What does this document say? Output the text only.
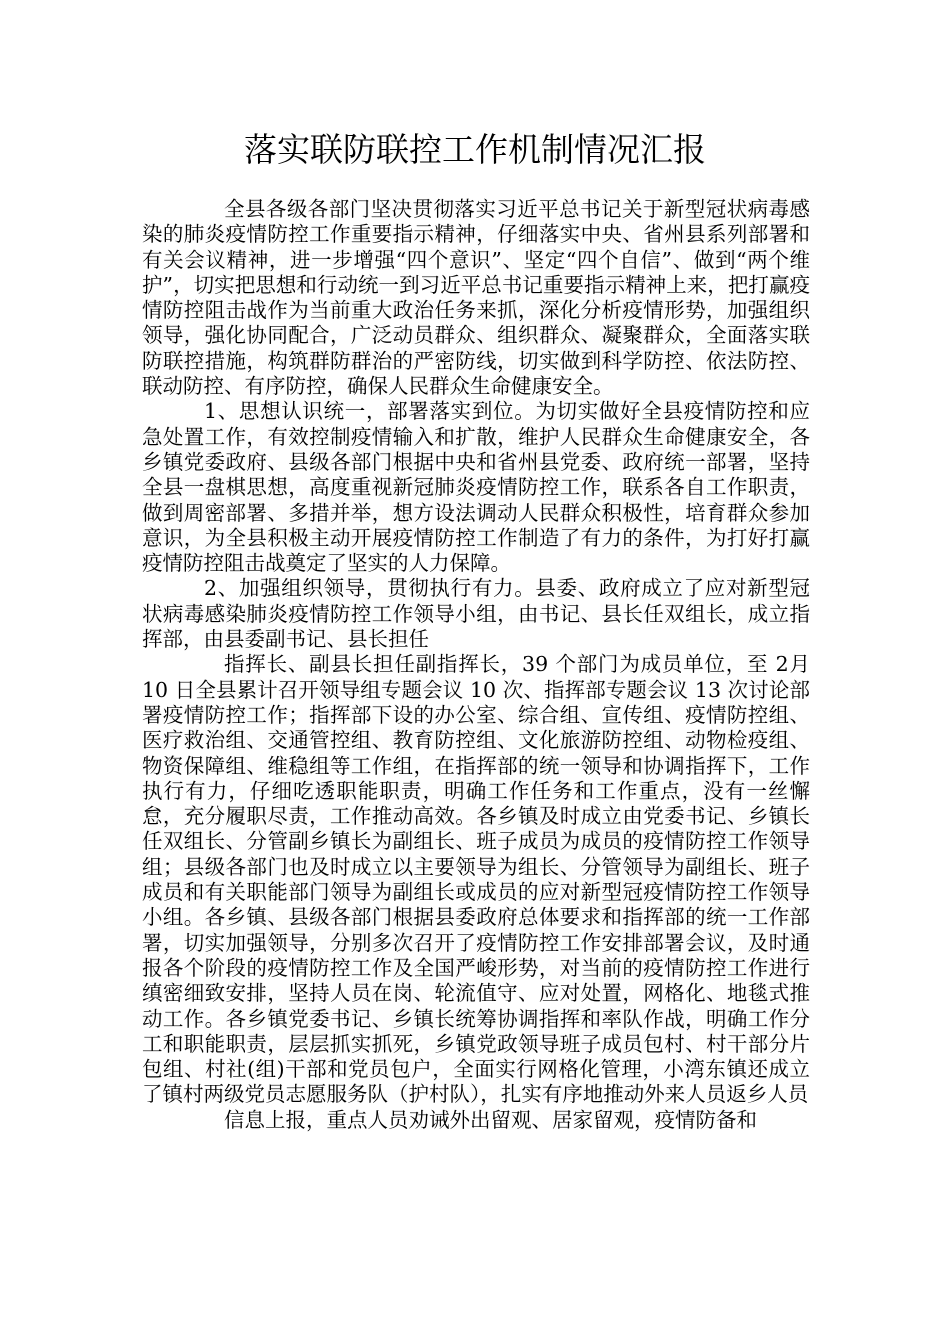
落实联防联控工作机制情况汇报

全县各级各部门坚决贯彻落实习近平总书记关于新型冠状病毒感染的肺炎疫情防控工作重要指示精神，仔细落实中央、省州县系列部署和有关会议精神，进一步增强“四个意识”、坚定“四个自信”、做到“两个维护”，切实把思想和行动统一到习近平总书记重要指示精神上来，把打赢疫情防控阻击战作为当前重大政治任务来抓，深化分析疫情形势，加强组织领导，强化协同配合，广泛动员群众、组织群众、凝聚群众，全面落实联防联控措施，构筑群防群治的严密防线，切实做到科学防控、依法防控、联动防控、有序防控，确保人民群众生命健康安全。

1、思想认识统一，部署落实到位。为切实做好全县疫情防控和应急处置工作，有效控制疫情输入和扩散，维护人民群众生命健康安全，各乡镇党委政府、县级各部门根据中央和省州县党委、政府统一部署，坚持全县一盘棋思想，高度重视新冠肺炎疫情防控工作，联系各自工作职责，做到周密部署、多措并举，想方设法调动人民群众积极性，培育群众参加意识，为全县积极主动开展疫情防控工作制造了有力的条件，为打好打赢疫情防控阻击战奠定了坚实的人力保障。

2、加强组织领导，贯彻执行有力。县委、政府成立了应对新型冠状病毒感染肺炎疫情防控工作领导小组，由书记、县长任双组长，成立指挥部，由县委副书记、县长担任

指挥长、副县长担任副指挥长，39 个部门为成员单位，至 2月 10 日全县累计召开领导组专题会议 10 次、指挥部专题会议 13 次讨论部署疫情防控工作；指挥部下设的办公室、综合组、宣传组、疫情防控组、医疗救治组、交通管控组、教育防控组、文化旅游防控组、动物检疫组、物资保障组、维稳组等工作组，在指挥部的统一领导和协调指挥下，工作执行有力，仔细吃透职能职责，明确工作任务和工作重点，没有一丝懈怠，充分履职尽责，工作推动高效。各乡镇及时成立由党委书记、乡镇长任双组长、分管副乡镇长为副组长、班子成员为成员的疫情防控工作领导组；县级各部门也及时成立以主要领导为组长、分管领导为副组长、班子成员和有关职能部门领导为副组长或成员的应对新型冠疫情防控工作领导小组。各乡镇、县级各部门根据县委政府总体要求和指挥部的统一工作部署，切实加强领导，分别多次召开了疫情防控工作安排部署会议，及时通报各个阶段的疫情防控工作及全国严峻形势，对当前的疫情防控工作进行缜密细致安排，坚持人员在岗、轮流值守、应对处置，网格化、地毯式推动工作。各乡镇党委书记、乡镇长统筹协调指挥和率队作战，明确工作分工和职能职责，层层抓实抓死，乡镇党政领导班子成员包村、村干部分片包组、村社(组)干部和党员包户，全面实行网格化管理，小湾东镇还成立了镇村两级党员志愿服务队（护村队），扎实有序地推动外来人员返乡人员

信息上报，重点人员劝诫外出留观、居家留观，疫情防备和
